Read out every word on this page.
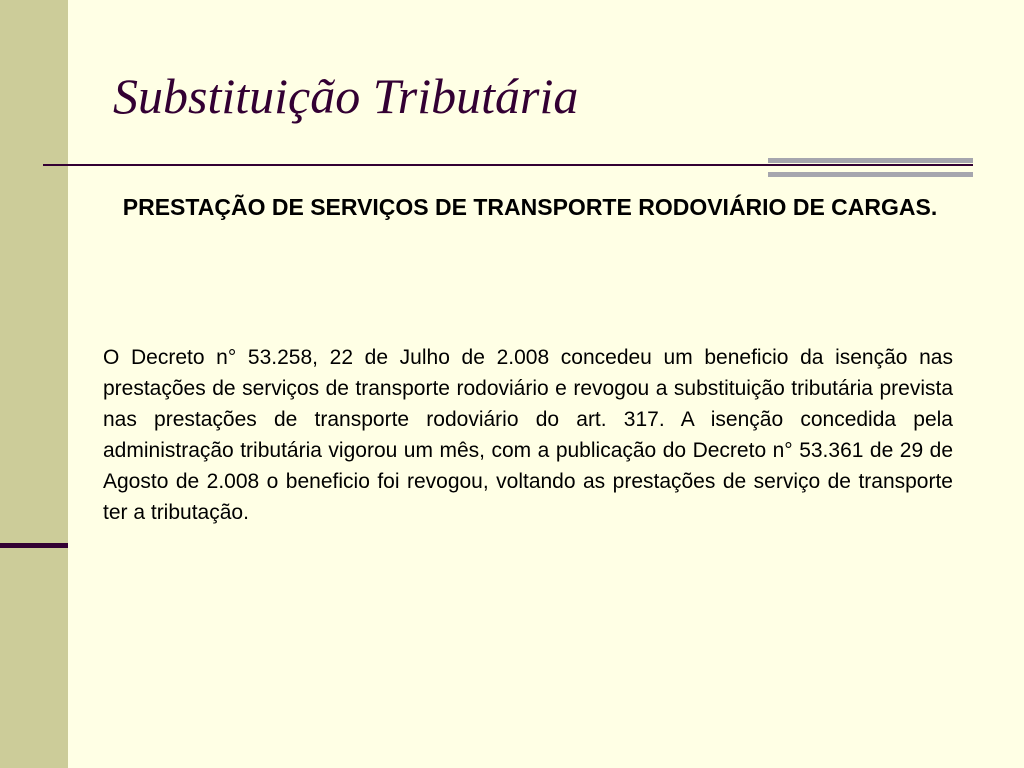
Substituição Tributária
PRESTAÇÃO DE SERVIÇOS DE TRANSPORTE RODOVIÁRIO DE CARGAS.

O Decreto n° 53.258, 22 de Julho de 2.008 concedeu um beneficio da isenção nas prestações de serviços de transporte rodoviário e revogou a substituição tributária prevista nas prestações de transporte rodoviário do art. 317. A isenção concedida pela administração tributária vigorou um mês, com a publicação do Decreto n° 53.361 de 29 de Agosto de 2.008 o beneficio foi revogou, voltando as prestações de serviço de transporte ter a tributação.
